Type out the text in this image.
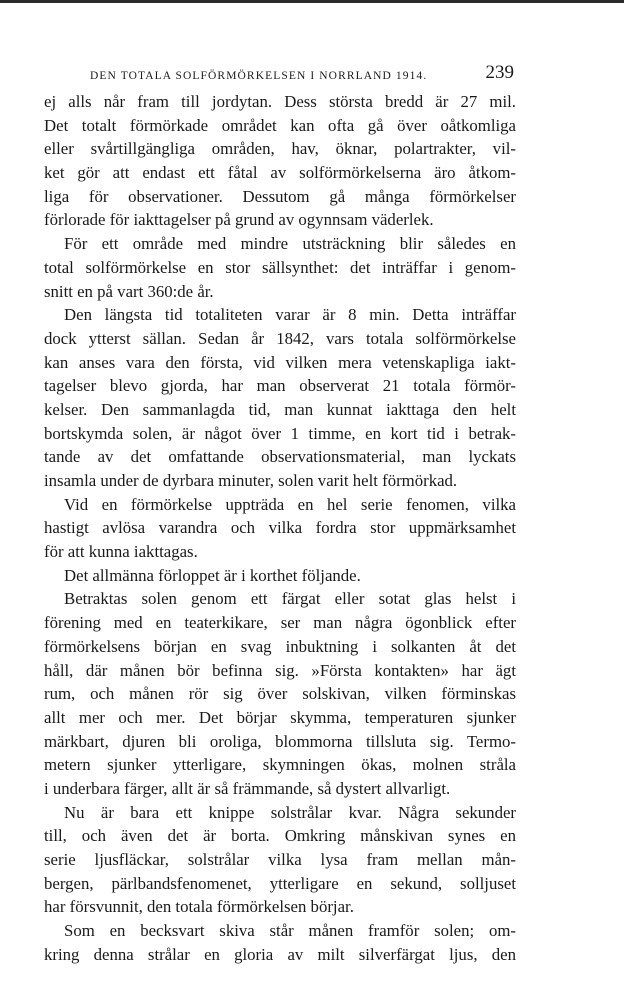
DEN TOTALA SOLFÖRMÖRKELSEN I NORRLAND 1914.	239
ej alls når fram till jordytan. Dess största bredd är 27 mil.
Det totalt förmörkade området kan ofta gå över oåtkomliga
eller svårtillgängliga områden, hav, öknar, polartrakter, vil-
ket gör att endast ett fåtal av solförmörkelserna äro åtkom-
liga för observationer. Dessutom gå många förmörkelser
förlorade för iakttagelser på grund av ogynnsam väderlek.
För ett område med mindre utsträckning blir således en
total solförmörkelse en stor sällsynthet: det inträffar i genom-
snitt en på vart 360:de år.
Den längsta tid totaliteten varar är 8 min. Detta inträffar
dock ytterst sällan. Sedan år 1842, vars totala solförmörkelse
kan anses vara den första, vid vilken mera vetenskapliga iakt-
tagelser blevo gjorda, har man observerat 21 totala förmör-
kelser. Den sammanlagda tid, man kunnat iakttaga den helt
bortskymda solen, är något över 1 timme, en kort tid i betrak-
tande av det omfattande observationsmaterial, man lyckats
insamla under de dyrbara minuter, solen varit helt förmörkad.
Vid en förmörkelse uppträda en hel serie fenomen, vilka
hastigt avlösa varandra och vilka fordra stor uppmärksamhet
för att kunna iakttagas.
Det allmänna förloppet är i korthet följande.
Betraktas solen genom ett färgat eller sotat glas helst i
förening med en teaterkikare, ser man några ögonblick efter
förmörkelsens början en svag inbuktning i solkanten åt det
håll, där månen bör befinna sig. »Första kontakten» har ägt
rum, och månen rör sig över solskivan, vilken förminskas
allt mer och mer. Det börjar skymma, temperaturen sjunker
märkbart, djuren bli oroliga, blommorna tillsluta sig. Termo-
metern sjunker ytterligare, skymningen ökas, molnen stråla
i underbara färger, allt är så främmande, så dystert allvarligt.
Nu är bara ett knippe solstrålar kvar. Några sekunder
till, och även det är borta. Omkring månskivan synes en
serie ljusfläckar, solstrålar vilka lysa fram mellan mån-
bergen, pärlbandsfenomenet, ytterligare en sekund, solljuset
har försvunnit, den totala förmörkelsen börjar.
Som en becksvart skiva står månen framför solen; om-
kring denna strålar en gloria av milt silverfärgat ljus, den
